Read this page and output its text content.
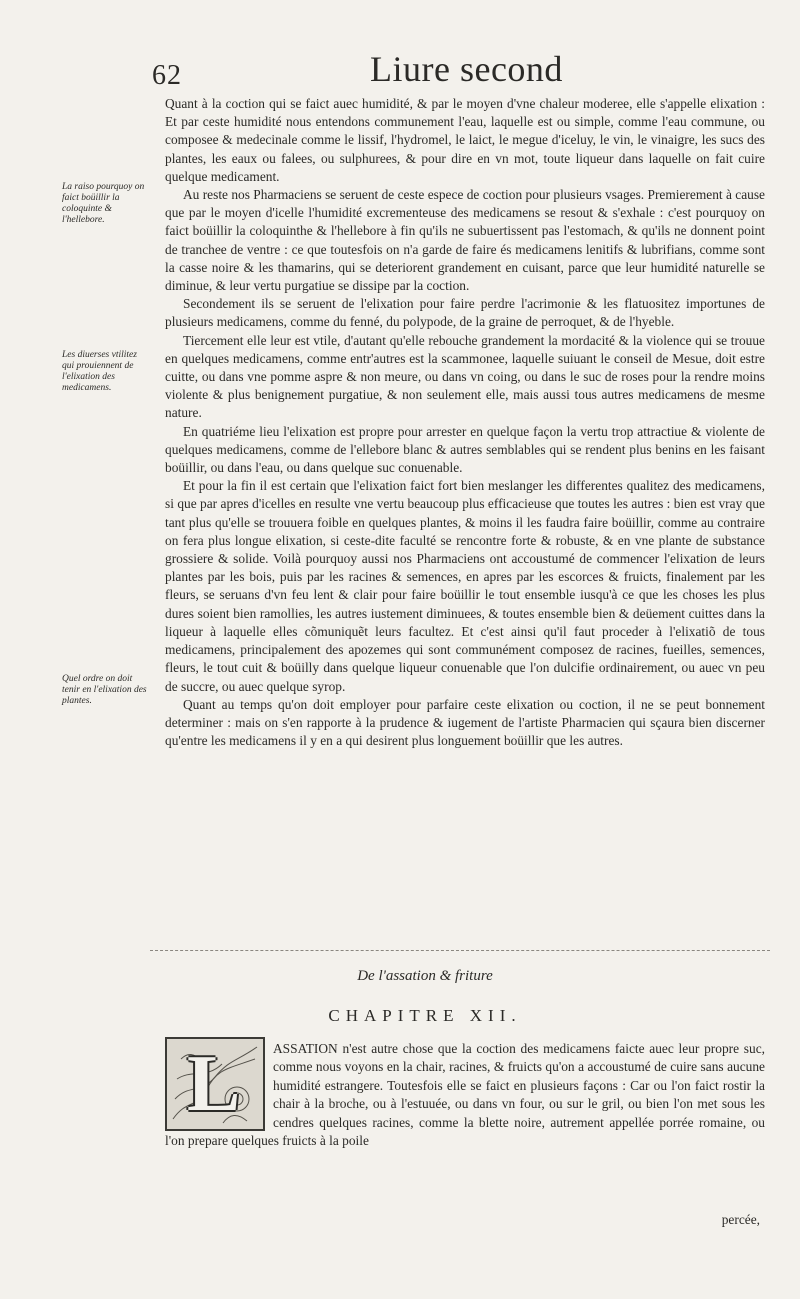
62	Liure second
La raiso pourquoy on faict boüillir la coloquinte & l'hellebore.
Les diuerses vtilitez qui prouiennent de l'elixation des medicamens.
Quel ordre on doit tenir en l'elixation des plantes.

Quant à la coction qui se faict auec humidité, & par le moyen d'vne chaleur moderee, elle s'appelle elixation : Et par ceste humidité nous entendons communement l'eau, laquelle est ou simple, comme l'eau commune, ou composee & medecinale comme le lissif, l'hydromel, le laict, le megue d'iceluy, le vin, le vinaigre, les sucs des plantes, les eaux ou falees, ou sulphurees, & pour dire en vn mot, toute liqueur dans laquelle on fait cuire quelque medicament.

Au reste nos Pharmaciens se seruent de ceste espece de coction pour plusieurs vsages. Premierement à cause que par le moyen d'icelle l'humidité excrementeuse des medicamens se resout & s'exhale : c'est pourquoy on faict boüillir la coloquinthe & l'hellebore à fin qu'ils ne subuertissent pas l'estomach, & qu'ils ne donnent point de tranchee de ventre : ce que toutesfois on n'a garde de faire és medicamens lenitifs & lubrifians, comme sont la casse noire & les thamarins, qui se deteriorent grandement en cuisant, parce que leur humidité naturelle se diminue, & leur vertu purgatiue se dissipe par la coction.

Secondement ils se seruent de l'elixation pour faire perdre l'acrimonie & les flatuositez importunes de plusieurs medicamens, comme du fenné, du polypode, de la graine de perroquet, & de l'hyeble.

Tiercement elle leur est vtile, d'autant qu'elle rebouche grandement la mordacité & la violence qui se trouue en quelques medicamens, comme entr'autres est la scammonee, laquelle suiuant le conseil de Mesue, doit estre cuitte, ou dans vne pomme aspre & non meure, ou dans vn coing, ou dans le suc de roses pour la rendre moins violente & plus benignement purgatiue, & non seulement elle, mais aussi tous autres medicamens de mesme nature.

En quatriéme lieu l'elixation est propre pour arrester en quelque façon la vertu trop attractiue & violente de quelques medicamens, comme de l'ellebore blanc & autres semblables qui se rendent plus benins en les faisant boüillir, ou dans l'eau, ou dans quelque suc conuenable.

Et pour la fin il est certain que l'elixation faict fort bien meslanger les differentes qualitez des medicamens, si que par apres d'icelles en resulte vne vertu beaucoup plus efficacieuse que toutes les autres : bien est vray que tant plus qu'elle se trouuera foible en quelques plantes, & moins il les faudra faire boüillir, comme au contraire on fera plus longue elixation, si ceste-dite faculté se rencontre forte & robuste, & en vne plante de substance grossiere & solide. Voilà pourquoy aussi nos Pharmaciens ont accoustumé de commencer l'elixation de leurs plantes par les bois, puis par les racines & semences, en apres par les escorces & fruicts, finalement par les fleurs, se seruans d'vn feu lent & clair pour faire boüillir le tout ensemble iusqu'à ce que les choses les plus dures soient bien ramollies, les autres iustement diminuees, & toutes ensemble bien & deüement cuittes dans la liqueur à laquelle elles cõmuniquẽt leurs facultez. Et c'est ainsi qu'il faut proceder à l'elixatiõ de tous medicamens, principalement des apozemes qui sont communément composez de racines, fueilles, semences, fleurs, le tout cuit & boüilly dans quelque liqueur conuenable que l'on dulcifie ordinairement, ou auec vn peu de succre, ou auec quelque syrop.

Quant au temps qu'on doit employer pour parfaire ceste elixation ou coction, il ne se peut bonnement determiner : mais on s'en rapporte à la prudence & iugement de l'artiste Pharmacien qui sçaura bien discerner qu'entre les medicamens il y en a qui desirent plus longuement boüillir que les autres.

De l'assation & friture
CHAPITRE XII.
L	ASSATION n'est autre chose que la coction des medicamens faicte auec leur propre suc, comme nous voyons en la chair, racines, & fruicts qu'on a accoustumé de cuire sans aucune humidité estrangere. Toutesfois elle se faict en plusieurs façons : Car ou l'on faict rostir la chair à la broche, ou à l'estuuée, ou dans vn four, ou sur le gril, ou bien l'on met sous les cendres quelques racines, comme la blette noire, autrement appellée porrée romaine, ou l'on prepare quelques fruicts à la poile

percée,
